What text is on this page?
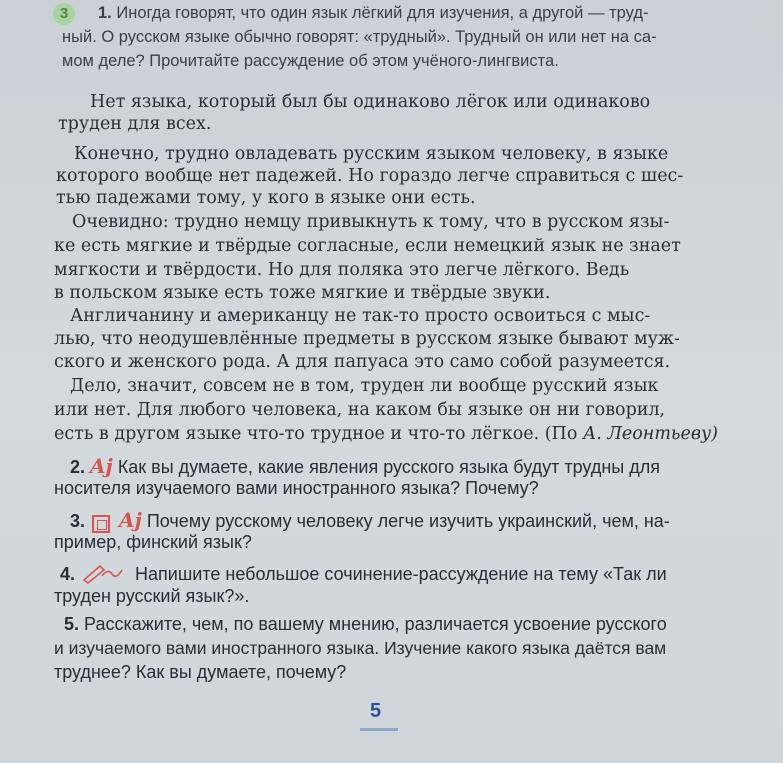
3	1. Иногда говорят, что один язык лёгкий для изучения, а другой — труд-
ный. О русском языке обычно говорят: «трудный». Трудный он или нет на са-
мом деле? Прочитайте рассуждение об этом учёного-лингвиста.
Нет языка, который был бы одинаково лёгок или одинаково
труден для всех.
Конечно, трудно овладевать русским языком человеку, в языке
которого вообще нет падежей. Но гораздо легче справиться с шес-
тью падежами тому, у кого в языке они есть.
Очевидно: трудно немцу привыкнуть к тому, что в русском язы-
ке есть мягкие и твёрдые согласные, если немецкий язык не знает
мягкости и твёрдости. Но для поляка это легче лёгкого. Ведь
в польском языке есть тоже мягкие и твёрдые звуки.
Англичанину и американцу не так-то просто освоиться с мыс-
лью, что неодушевлённые предметы в русском языке бывают муж-
ского и женского рода. А для папуаса это само собой разумеется.
Дело, значит, совсем не в том, труден ли вообще русский язык
или нет. Для любого человека, на каком бы языке он ни говорил,
есть в другом языке что-то трудное и что-то лёгкое. (По А. Леонтьеву)
2. Aj Как вы думаете, какие явления русского языка будут трудны для
носителя изучаемого вами иностранного языка? Почему?
3. Aj Почему русскому человеку легче изучить украинский, чем, на-
пример, финский язык?
4.	Напишите небольшое сочинение-рассуждение на тему «Так ли
труден русский язык?».
5. Расскажите, чем, по вашему мнению, различается усвоение русского
и изучаемого вами иностранного языка. Изучение какого языка даётся вам
труднее? Как вы думаете, почему?
5
